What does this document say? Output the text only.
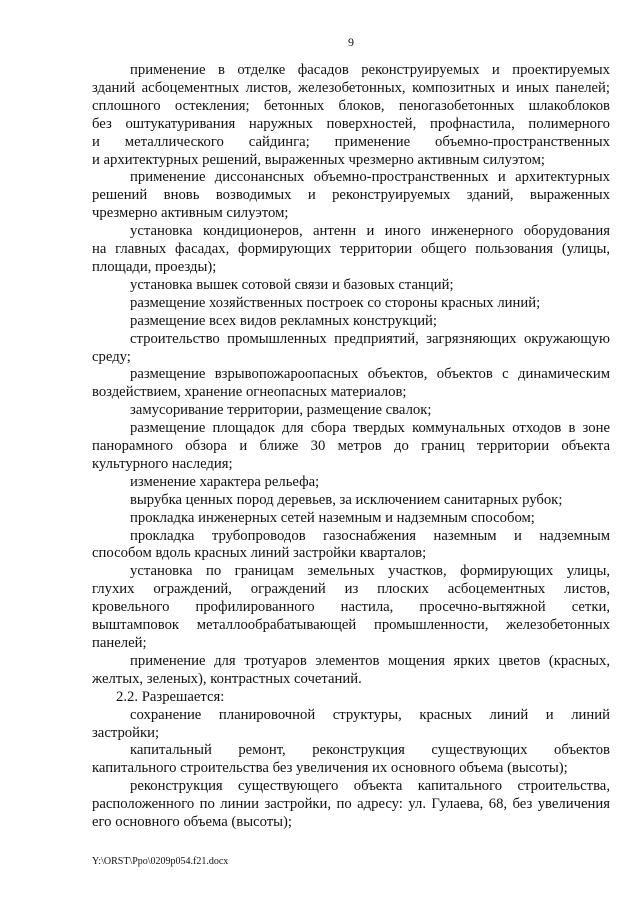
9
применение в отделке фасадов реконструируемых и проектируемых
зданий асбоцементных листов, железобетонных, композитных и иных панелей;
сплошного остекления; бетонных блоков, пеногазобетонных шлакоблоков
без оштукатуривания наружных поверхностей, профнастила, полимерного
и металлического сайдинга; применение объемно-пространственных
и архитектурных решений, выраженных чрезмерно активным силуэтом;
применение диссонансных объемно-пространственных и архитектурных
решений вновь возводимых и реконструируемых зданий, выраженных
чрезмерно активным силуэтом;
установка кондиционеров, антенн и иного инженерного оборудования
на главных фасадах, формирующих территории общего пользования (улицы,
площади, проезды);
установка вышек сотовой связи и базовых станций;
размещение хозяйственных построек со стороны красных линий;
размещение всех видов рекламных конструкций;
строительство промышленных предприятий, загрязняющих окружающую
среду;
размещение взрывопожароопасных объектов, объектов с динамическим
воздействием, хранение огнеопасных материалов;
замусоривание территории, размещение свалок;
размещение площадок для сбора твердых коммунальных отходов в зоне
панорамного обзора и ближе 30 метров до границ территории объекта
культурного наследия;
изменение характера рельефа;
вырубка ценных пород деревьев, за исключением санитарных рубок;
прокладка инженерных сетей наземным и надземным способом;
прокладка трубопроводов газоснабжения наземным и надземным
способом вдоль красных линий застройки кварталов;
установка по границам земельных участков, формирующих улицы,
глухих ограждений, ограждений из плоских асбоцементных листов,
кровельного профилированного настила, просечно-вытяжной сетки,
выштамповок металлообрабатывающей промышленности, железобетонных
панелей;
применение для тротуаров элементов мощения ярких цветов (красных,
желтых, зеленых), контрастных сочетаний.
2.2. Разрешается:
сохранение планировочной структуры, красных линий и линий
застройки;
капитальный ремонт, реконструкция существующих объектов
капитального строительства без увеличения их основного объема (высоты);
реконструкция существующего объекта капитального строительства,
расположенного по линии застройки, по адресу: ул. Гулаева, 68, без увеличения
его основного объема (высоты);
Y:\ORST\Ppo\0209p054.f21.docx
